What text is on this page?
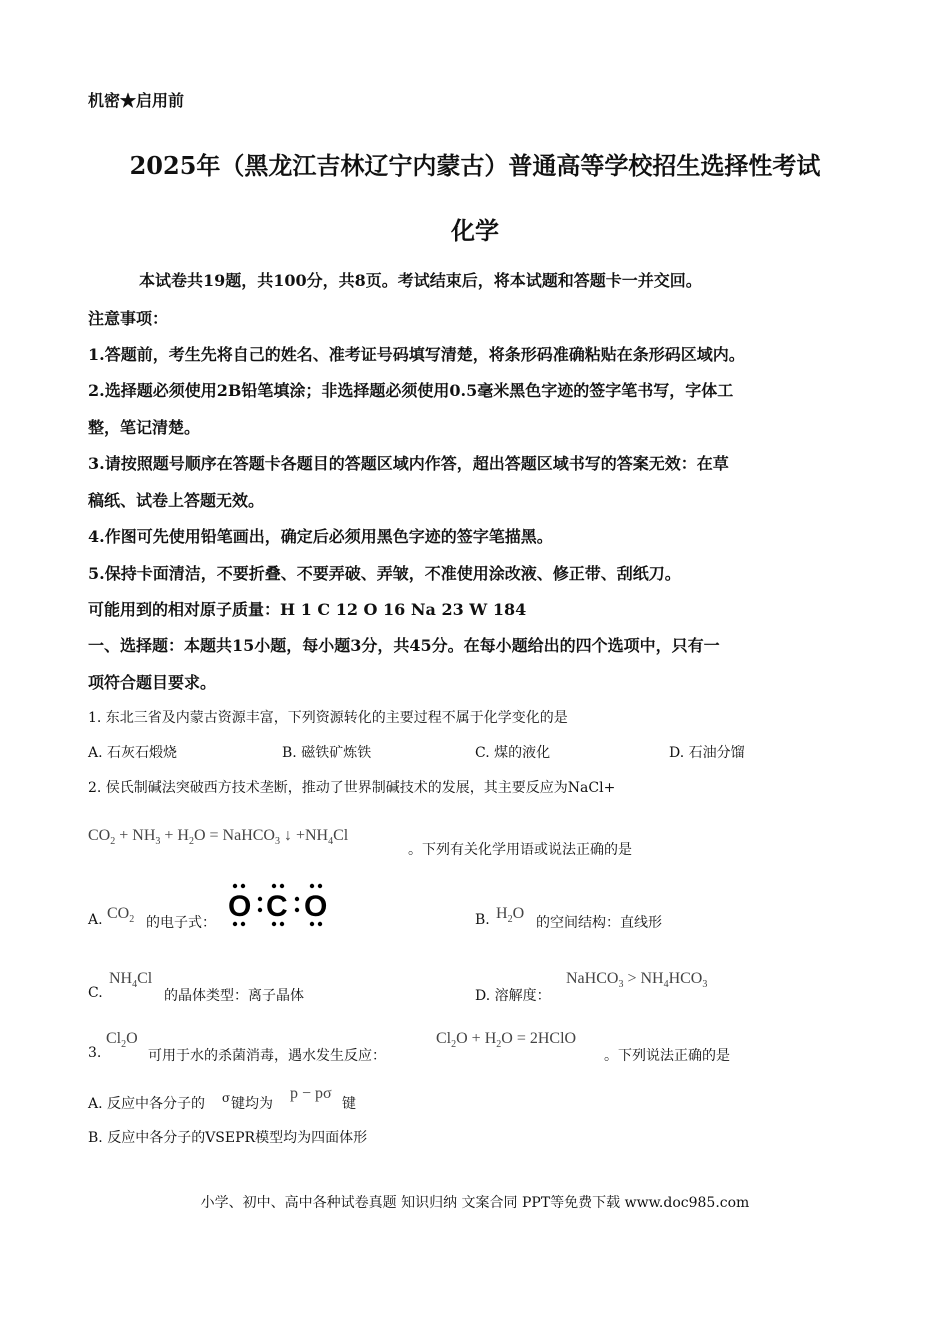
机密★启用前
2025年（黑龙江吉林辽宁内蒙古）普通高等学校招生选择性考试
化学
本试卷共19题，共100分，共8页。考试结束后，将本试题和答题卡一并交回。
注意事项：
1.答题前，考生先将自己的姓名、准考证号码填写清楚，将条形码准确粘贴在条形码区域内。
2.选择题必须使用2B铅笔填涂；非选择题必须使用0.5毫米黑色字迹的签字笔书写，字体工
整，笔记清楚。
3.请按照题号顺序在答题卡各题目的答题区域内作答，超出答题区域书写的答案无效：在草
稿纸、试卷上答题无效。
4.作图可先使用铅笔画出，确定后必须用黑色字迹的签字笔描黑。
5.保持卡面清洁，不要折叠、不要弄破、弄皱，不准使用涂改液、修正带、刮纸刀。
可能用到的相对原子质量：H 1 C 12 O 16 Na 23 W 184
一、选择题：本题共15小题，每小题3分，共45分。在每小题给出的四个选项中，只有一
项符合题目要求。
1. 东北三省及内蒙古资源丰富，下列资源转化的主要过程不属于化学变化的是
A. 石灰石煅烧	B. 磁铁矿炼铁	C. 煤的液化	D. 石油分馏
2. 侯氏制碱法突破西方技术垄断，推动了世界制碱技术的发展，其主要反应为NaCl+
$CO_2 + NH_3 + H_2O$ = NaHCO$_3$ ↓ $+NH_4Cl$
。下列有关化学用语或说法正确的是
A. $CO_2$ 的电子式： O C O	B. $H_2O$
的空间结构：直线形
C.
$NH_4Cl$
的晶体类型：离子晶体	D. 溶解度：
NaHCO$_3$ > $NH_4HCO_3$
3.
$Cl_2O$
可用于水的杀菌消毒，遇水发生反应：
$Cl_2O + H_2O$ = 2HClO
。下列说法正确的是
A. 反应中各分子的 σ 键均为
p − pσ
键
B. 反应中各分子的VSEPR模型均为四面体形
小学、初中、高中各种试卷真题 知识归纳 文案合同 PPT等免费下载 www.doc985.com
